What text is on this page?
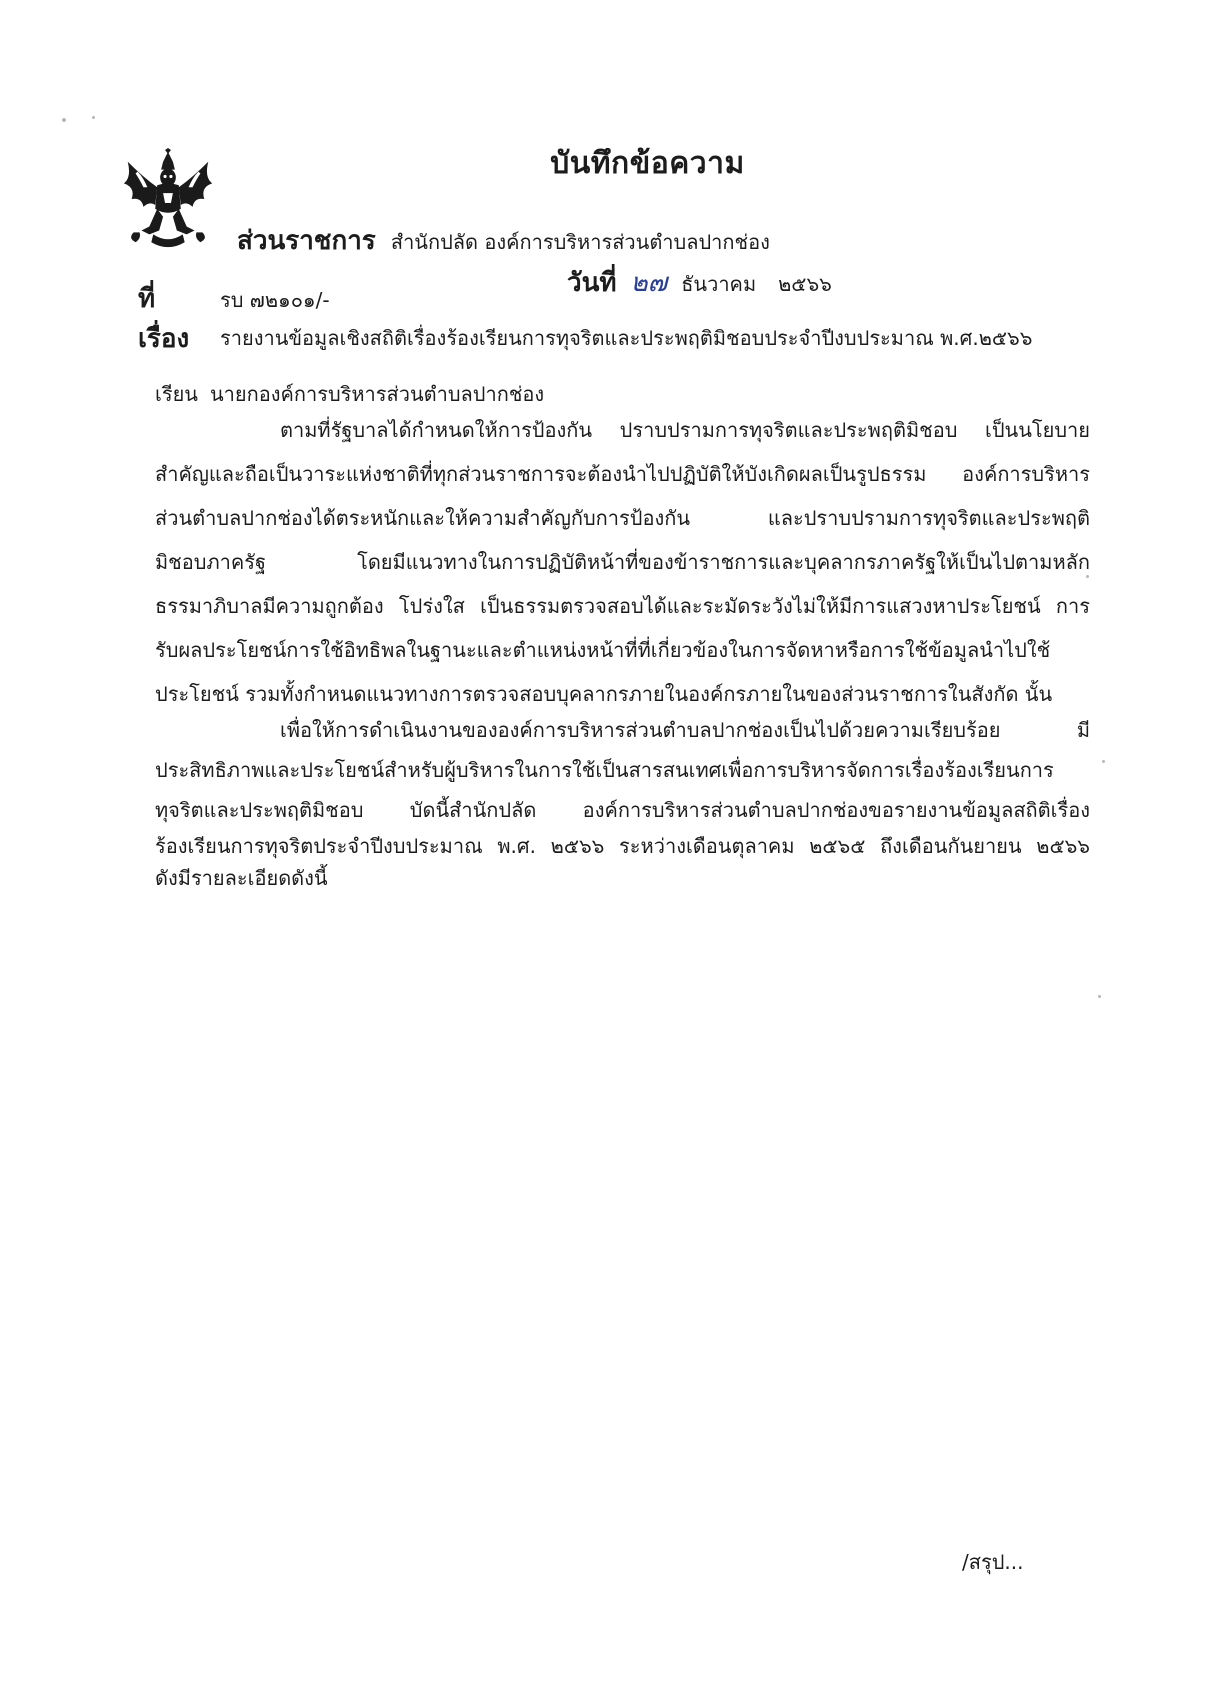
บันทึกข้อความ
ส่วนราชการ สำนักปลัด องค์การบริหารส่วนตำบลปากช่อง
ที่	รบ ๗๒๑๐๑/-
วันที่ ๒๗ ธันวาคม ๒๕๖๖
เรื่อง รายงานข้อมูลเชิงสถิติเรื่องร้องเรียนการทุจริตและประพฤติมิชอบประจำปีงบประมาณ พ.ศ.๒๕๖๖
เรียน นายกองค์การบริหารส่วนตำบลปากช่อง
ตามที่รัฐบาลได้กำหนดให้การป้องกัน ปราบปรามการทุจริตและประพฤติมิชอบ เป็นนโยบาย
สำคัญและถือเป็นวาระแห่งชาติที่ทุกส่วนราชการจะต้องนำไปปฏิบัติให้บังเกิดผลเป็นรูปธรรม องค์การบริหาร
ส่วนตำบลปากช่องได้ตระหนักและให้ความสำคัญกับการป้องกัน และปราบปรามการทุจริตและประพฤติ
มิชอบภาครัฐ โดยมีแนวทางในการปฏิบัติหน้าที่ของข้าราชการและบุคลากรภาครัฐให้เป็นไปตามหลัก
ธรรมาภิบาลมีความถูกต้อง โปร่งใส เป็นธรรมตรวจสอบได้และระมัดระวังไม่ให้มีการแสวงหาประโยชน์ การ
รับผลประโยชน์การใช้อิทธิพลในฐานะและตำแหน่งหน้าที่ที่เกี่ยวข้องในการจัดหาหรือการใช้ข้อมูลนำไปใช้
ประโยชน์ รวมทั้งกำหนดแนวทางการตรวจสอบบุคลากรภายในองค์กรภายในของส่วนราชการในสังกัด นั้น
เพื่อให้การดำเนินงานขององค์การบริหารส่วนตำบลปากช่องเป็นไปด้วยความเรียบร้อย มี
ประสิทธิภาพและประโยชน์สำหรับผู้บริหารในการใช้เป็นสารสนเทศเพื่อการบริหารจัดการเรื่องร้องเรียนการ
ทุจริตและประพฤติมิชอบ บัดนี้สำนักปลัด องค์การบริหารส่วนตำบลปากช่องขอรายงานข้อมูลสถิติเรื่อง
ร้องเรียนการทุจริตประจำปีงบประมาณ พ.ศ. ๒๕๖๖ ระหว่างเดือนตุลาคม ๒๕๖๕ ถึงเดือนกันยายน ๒๕๖๖
ดังมีรายละเอียดดังนี้
/สรุป...
